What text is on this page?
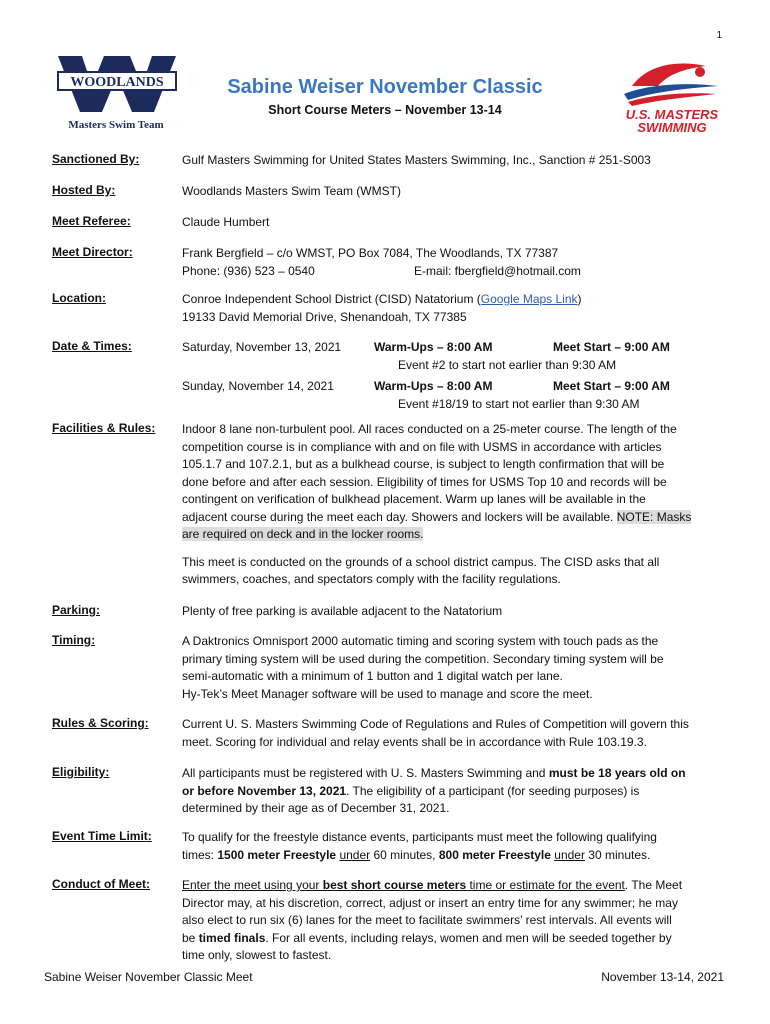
1
WOODLANDS
Masters Swim Team
U.S. MASTERS
SWIMMING
Sabine Weiser November Classic
Short Course Meters – November 13-14
Sanctioned By:	Gulf Masters Swimming for United States Masters Swimming, Inc., Sanction # 251-S003
Hosted By:	Woodlands Masters Swim Team (WMST)
Meet Referee:	Claude Humbert
Meet Director:	Frank Bergfield – c/o WMST, PO Box 7084, The Woodlands, TX 77387
Phone: (936) 523 – 0540	E-mail: fbergfield@hotmail.com
Location:	Conroe Independent School District (CISD) Natatorium (Google Maps Link)
19133 David Memorial Drive, Shenandoah, TX 77385
Date & Times:	Saturday, November 13, 2021	Warm-Ups – 8:00 AM	Meet Start – 9:00 AM
Event #2 to start not earlier than 9:30 AM
Sunday, November 14, 2021	Warm-Ups – 8:00 AM	Meet Start – 9:00 AM
Event #18/19 to start not earlier than 9:30 AM
Facilities & Rules: Indoor 8 lane non-turbulent pool. All races conducted on a 25-meter course. The length of the
competition course is in compliance with and on file with USMS in accordance with articles
105.1.7 and 107.2.1, but as a bulkhead course, is subject to length confirmation that will be
done before and after each session. Eligibility of times for USMS Top 10 and records will be
contingent on verification of bulkhead placement. Warm up lanes will be available in the
adjacent course during the meet each day. Showers and lockers will be available. NOTE: Masks
are required on deck and in the locker rooms.
This meet is conducted on the grounds of a school district campus. The CISD asks that all
swimmers, coaches, and spectators comply with the facility regulations.
Parking:	Plenty of free parking is available adjacent to the Natatorium
Timing:	A Daktronics Omnisport 2000 automatic timing and scoring system with touch pads as the
primary timing system will be used during the competition. Secondary timing system will be
semi-automatic with a minimum of 1 button and 1 digital watch per lane.
Hy-Tek’s Meet Manager software will be used to manage and score the meet.
Rules & Scoring:	Current U. S. Masters Swimming Code of Regulations and Rules of Competition will govern this
meet. Scoring for individual and relay events shall be in accordance with Rule 103.19.3.
Eligibility:	All participants must be registered with U. S. Masters Swimming and must be 18 years old on
or before November 13, 2021. The eligibility of a participant (for seeding purposes) is
determined by their age as of December 31, 2021.
Event Time Limit:	To qualify for the freestyle distance events, participants must meet the following qualifying
times: 1500 meter Freestyle under 60 minutes, 800 meter Freestyle under 30 minutes.
Conduct of Meet:	Enter the meet using your best short course meters time or estimate for the event. The Meet
Director may, at his discretion, correct, adjust or insert an entry time for any swimmer; he may
also elect to run six (6) lanes for the meet to facilitate swimmers’ rest intervals. All events will
be timed finals. For all events, including relays, women and men will be seeded together by
time only, slowest to fastest.
Sabine Weiser November Classic Meet	November 13-14, 2021
